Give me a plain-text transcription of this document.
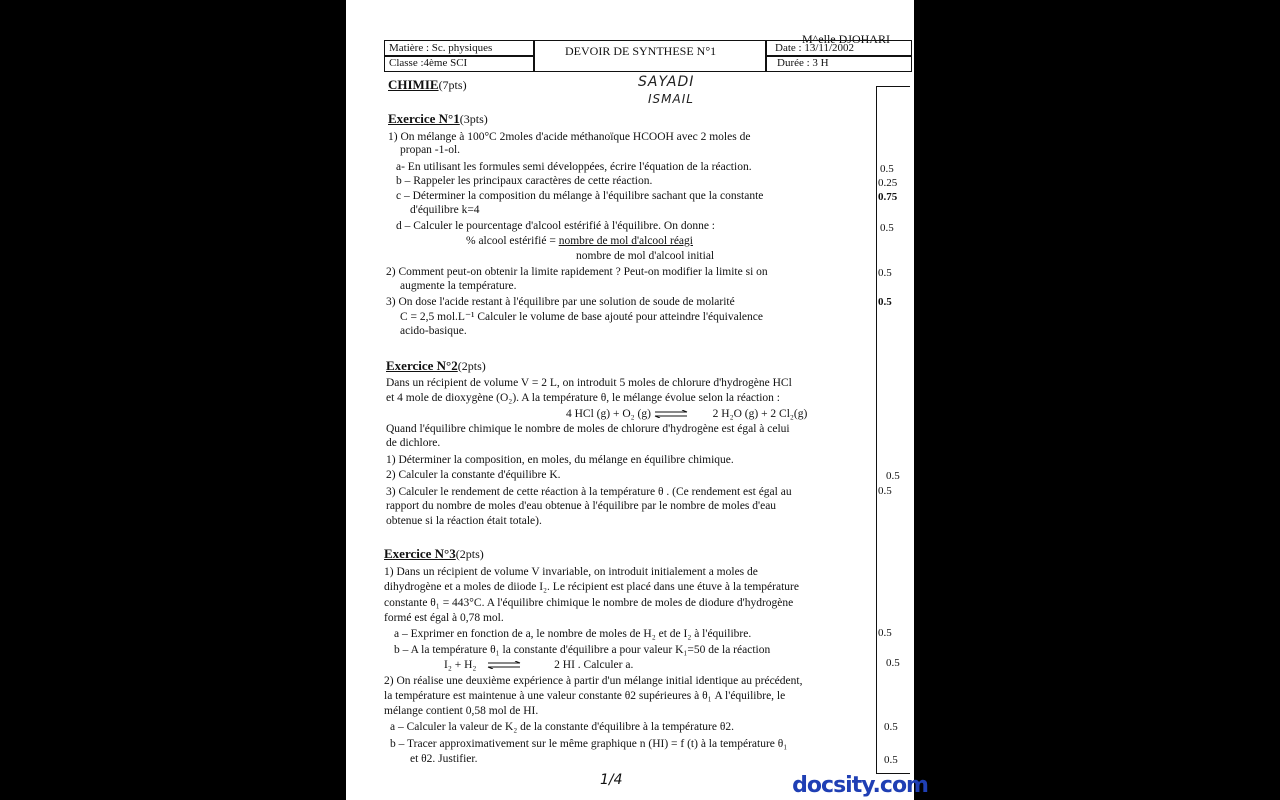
M^elle DJOHARI
Matière : Sc. physiques
Classe :4ème SCI
DEVOIR DE SYNTHESE N°1	Date : 13/11/2002
Durée : 3 H
SAYADI
ISMAIL
CHIMIE(7pts)
Exercice N°1(3pts)
1) On mélange à 100°C 2moles d'acide méthanoïque HCOOH avec 2 moles de
propan -1-ol.
a- En utilisant les formules semi développées, écrire l'équation de la réaction.
b – Rappeler les principaux caractères de cette réaction.
c – Déterminer la composition du mélange à l'équilibre sachant que la constante
d'équilibre k=4
d – Calculer le pourcentage d'alcool estérifié à l'équilibre. On donne :
% alcool estérifié = nombre de mol d'alcool réagi
nombre de mol d'alcool initial
2) Comment peut-on obtenir la limite rapidement ? Peut-on modifier la limite si on
augmente la température.
3) On dose l'acide restant à l'équilibre par une solution de soude de molarité
C = 2,5 mol.L⁻¹ Calculer le volume de base ajouté pour atteindre l'équivalence
acido-basique.
Exercice N°2(2pts)
Dans un récipient de volume V = 2 L, on introduit 5 moles de chlorure d'hydrogène HCl
et 4 mole de dioxygène (O₂). A la température θ, le mélange évolue selon la réaction :
4 HCl (g) + O₂ (g) ⇌ 2 H₂O (g) + 2 Cl₂(g)
Quand l'équilibre chimique le nombre de moles de chlorure d'hydrogène est égal à celui
de dichlore.
1) Déterminer la composition, en moles, du mélange en équilibre chimique.
2) Calculer la constante d'équilibre K.
3) Calculer le rendement de cette réaction à la température θ . (Ce rendement est égal au
rapport du nombre de moles d'eau obtenue à l'équilibre par le nombre de moles d'eau
obtenue si la réaction était totale).
Exercice N°3(2pts)
1) Dans un récipient de volume V invariable, on introduit initialement a moles de
dihydrogène et a moles de diiode I₂. Le récipient est placé dans une étuve à la température
constante θ₁ = 443°C. A l'équilibre chimique le nombre de moles de diodure d'hydrogène
formé est égal à 0,78 mol.
a – Exprimer en fonction de a, le nombre de moles de H₂ et de I₂ à l'équilibre.
b – A la température θ₁ la constante d'équilibre a pour valeur K₁=50 de la réaction
I₂ + H₂ ⇌	2 HI . Calculer a.
2) On réalise une deuxième expérience à partir d'un mélange initial identique au précédent,
la température est maintenue à une valeur constante θ2 supérieures à θ₁ A l'équilibre, le
mélange contient 0,58 mol de HI.
a – Calculer la valeur de K₂ de la constante d'équilibre à la température θ2.
b – Tracer approximativement sur le même graphique n (HI) = f (t) à la température θ₁
et θ2. Justifier.
0.5
0.25
0.75
0.5
0.5
0.5
0.5
0.5
0.5
0.5
0.5
0.5
1/4	docsity.com
